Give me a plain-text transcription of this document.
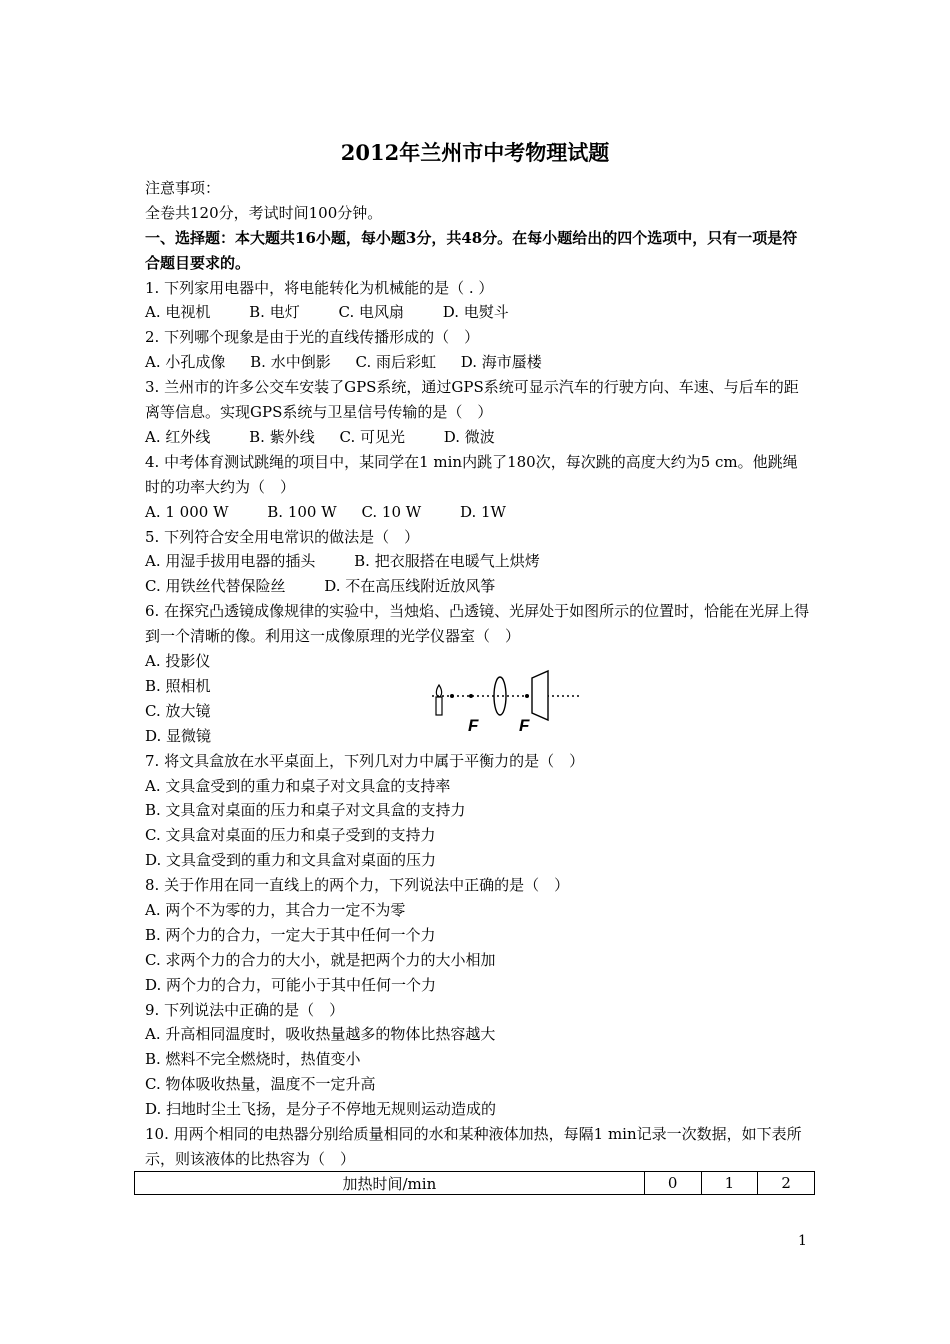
2012年兰州市中考物理试题
注意事项：
全卷共120分，考试时间100分钟。
一、选择题：本大题共16小题，每小题3分，共48分。在每小题给出的四个选项中，只有一项是符合题目要求的。
1. 下列家用电器中，将电能转化为机械能的是（ . ）
A. 电视机	B. 电灯	C. 电风扇	D. 电熨斗
2. 下列哪个现象是由于光的直线传播形成的（　）
A. 小孔成像 B. 水中倒影 C. 雨后彩虹 D. 海市蜃楼
3. 兰州市的许多公交车安装了GPS系统，通过GPS系统可显示汽车的行驶方向、车速、与后车的距离等信息。实现GPS系统与卫星信号传输的是（　）
A. 红外线	B. 紫外线 C. 可见光	D. 微波
4. 中考体育测试跳绳的项目中，某同学在1 min内跳了180次，每次跳的高度大约为5 cm。他跳绳时的功率大约为（　）
A. 1 000 W	B. 100 W C. 10 W	D. 1W
5. 下列符合安全用电常识的做法是（　）
A. 用湿手拔用电器的插头	B. 把衣服搭在电暖气上烘烤
C. 用铁丝代替保险丝	D. 不在高压线附近放风筝
6. 在探究凸透镜成像规律的实验中，当烛焰、凸透镜、光屏处于如图所示的位置时，恰能在光屏上得到一个清晰的像。利用这一成像原理的光学仪器室（　）
A. 投影仪
B. 照相机
C. 放大镜
D. 显微镜
7. 将文具盒放在水平桌面上，下列几对力中属于平衡力的是（　）
A. 文具盒受到的重力和桌子对文具盒的支持率
B. 文具盒对桌面的压力和桌子对文具盒的支持力
C. 文具盒对桌面的压力和桌子受到的支持力
D. 文具盒受到的重力和文具盒对桌面的压力
8. 关于作用在同一直线上的两个力，下列说法中正确的是（　）
A. 两个不为零的力，其合力一定不为零
B. 两个力的合力，一定大于其中任何一个力
C. 求两个力的合力的大小，就是把两个力的大小相加
D. 两个力的合力，可能小于其中任何一个力
9. 下列说法中正确的是（　）
A. 升高相同温度时，吸收热量越多的物体比热容越大
B. 燃料不完全燃烧时，热值变小
C. 物体吸收热量，温度不一定升高
D. 扫地时尘土飞扬，是分子不停地无规则运动造成的
10. 用两个相同的电热器分别给质量相同的水和某种液体加热，每隔1 min记录一次数据，如下表所示，则该液体的比热容为（　）
F F
加热时间/min	0	1	2
1
